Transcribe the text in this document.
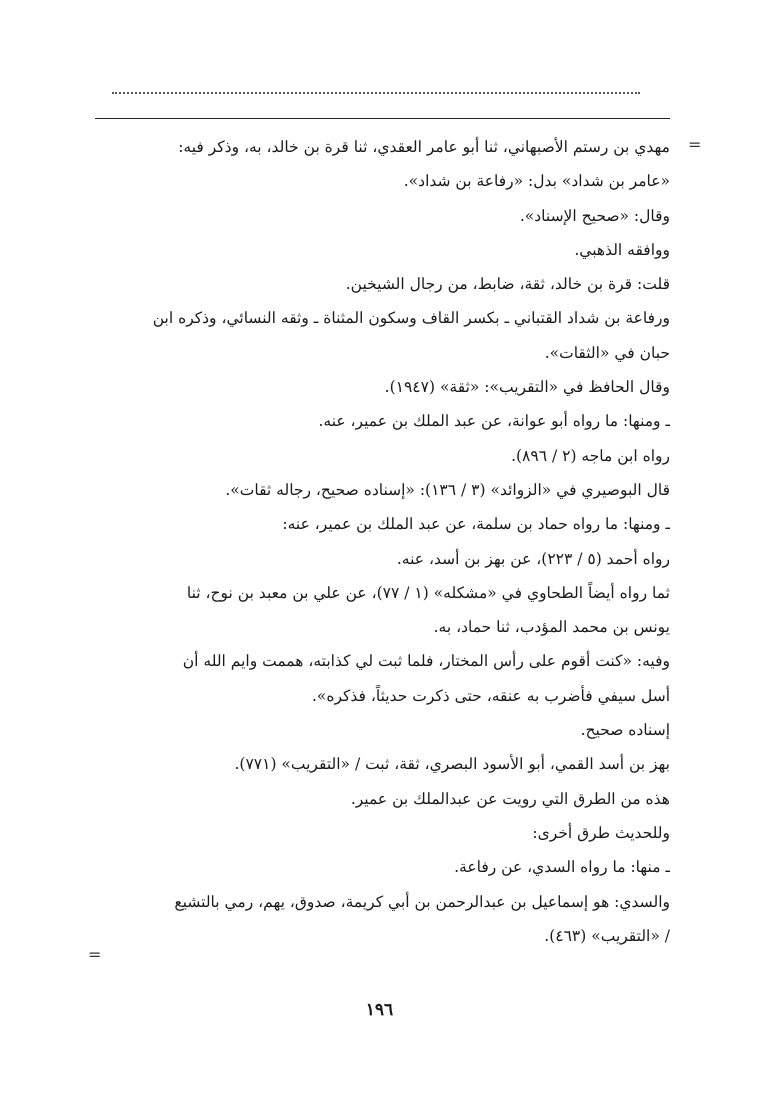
=
=
مهدي بن رستم الأصبهاني، ثنا أبو عامر العقدي، ثنا قرة بن خالد، به، وذكر فيه:
«عامر بن شداد» بدل: «رفاعة بن شداد».
وقال: «صحيح الإسناد».
ووافقه الذهبي.
قلت: قرة بن خالد، ثقة، ضابط، من رجال الشيخين.
ورفاعة بن شداد القتباني ـ بكسر القاف وسكون المثناة ـ وثقه النسائي، وذكره ابن
حبان في «الثقات».
وقال الحافظ في «التقريب»: «ثقة» (١٩٤٧).
ـ ومنها: ما رواه أبو عوانة، عن عبد الملك بن عمير، عنه.
رواه ابن ماجه (٢ / ٨٩٦).
قال البوصيري في «الزوائد» (٣ / ١٣٦): «إسناده صحيح، رجاله ثقات».
ـ ومنها: ما رواه حماد بن سلمة، عن عبد الملك بن عمير، عنه:
رواه أحمد (٥ / ٢٢٣)، عن بهز بن أسد، عنه.
ثما رواه أيضاً الطحاوي في «مشكله» (١ / ٧٧)، عن علي بن معبد بن نوح، ثنا
يونس بن محمد المؤدب، ثنا حماد، به.
وفيه: «كنت أقوم على رأس المختار، فلما ثبت لي كذابته، هممت وايم الله أن
أسل سيفي فأضرب به عنقه، حتى ذكرت حديثاً، فذكره».
إسناده صحيح.
بهز بن أسد القمي، أبو الأسود البصري، ثقة، ثبت / «التقريب» (٧٧١).
هذه من الطرق التي رويت عن عبدالملك بن عمير.
وللحديث طرق أخرى:
ـ منها: ما رواه السدي، عن رفاعة.
والسدي: هو إسماعيل بن عبدالرحمن بن أبي كريمة، صدوق، يهم، رمي بالتشيع
/ «التقريب» (٤٦٣).
١٩٦
